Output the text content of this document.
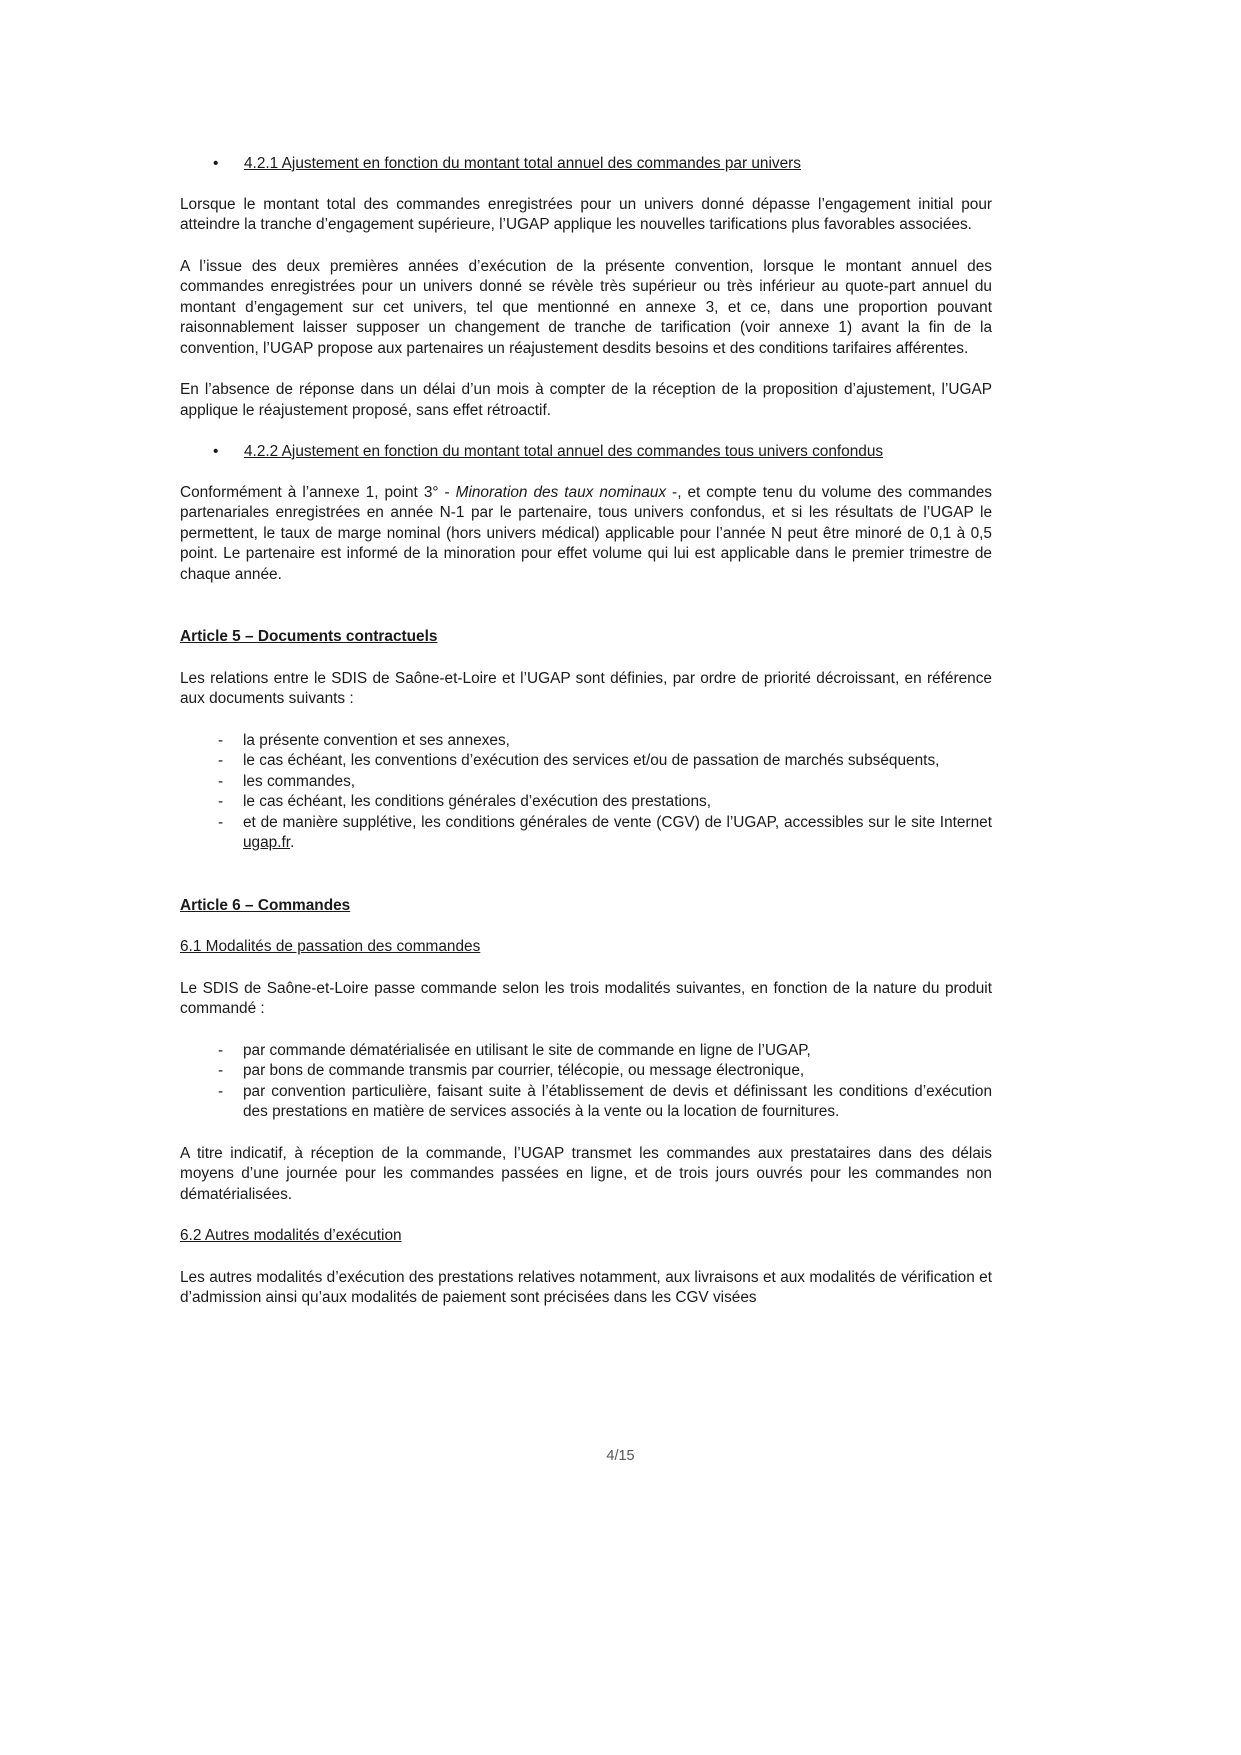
• 4.2.1 Ajustement en fonction du montant total annuel des commandes par univers

Lorsque le montant total des commandes enregistrées pour un univers donné dépasse l’engagement initial pour atteindre la tranche d’engagement supérieure, l’UGAP applique les nouvelles tarifications plus favorables associées.

A l’issue des deux premières années d’exécution de la présente convention, lorsque le montant annuel des commandes enregistrées pour un univers donné se révèle très supérieur ou très inférieur au quote-part annuel du montant d’engagement sur cet univers, tel que mentionné en annexe 3, et ce, dans une proportion pouvant raisonnablement laisser supposer un changement de tranche de tarification (voir annexe 1) avant la fin de la convention, l’UGAP propose aux partenaires un réajustement desdits besoins et des conditions tarifaires afférentes.

En l’absence de réponse dans un délai d’un mois à compter de la réception de la proposition d’ajustement, l’UGAP applique le réajustement proposé, sans effet rétroactif.

• 4.2.2 Ajustement en fonction du montant total annuel des commandes tous univers confondus

Conformément à l’annexe 1, point 3° - Minoration des taux nominaux -, et compte tenu du volume des commandes partenariales enregistrées en année N-1 par le partenaire, tous univers confondus, et si les résultats de l’UGAP le permettent, le taux de marge nominal (hors univers médical) applicable pour l’année N peut être minoré de 0,1 à 0,5 point. Le partenaire est informé de la minoration pour effet volume qui lui est applicable dans le premier trimestre de chaque année.

Article 5 – Documents contractuels

Les relations entre le SDIS de Saône-et-Loire et l’UGAP sont définies, par ordre de priorité décroissant, en référence aux documents suivants :

- la présente convention et ses annexes,
- le cas échéant, les conventions d’exécution des services et/ou de passation de marchés subséquents,
- les commandes,
- le cas échéant, les conditions générales d’exécution des prestations,
- et de manière supplétive, les conditions générales de vente (CGV) de l’UGAP, accessibles sur le site Internet ugap.fr.

Article 6 – Commandes

6.1 Modalités de passation des commandes

Le SDIS de Saône-et-Loire passe commande selon les trois modalités suivantes, en fonction de la nature du produit commandé :

- par commande dématérialisée en utilisant le site de commande en ligne de l’UGAP,
- par bons de commande transmis par courrier, télécopie, ou message électronique,
- par convention particulière, faisant suite à l’établissement de devis et définissant les conditions d’exécution des prestations en matière de services associés à la vente ou la location de fournitures.

A titre indicatif, à réception de la commande, l’UGAP transmet les commandes aux prestataires dans des délais moyens d’une journée pour les commandes passées en ligne, et de trois jours ouvrés pour les commandes non dématérialisées.

6.2 Autres modalités d’exécution

Les autres modalités d’exécution des prestations relatives notamment, aux livraisons et aux modalités de vérification et d’admission ainsi qu’aux modalités de paiement sont précisées dans les CGV visées

4/15
